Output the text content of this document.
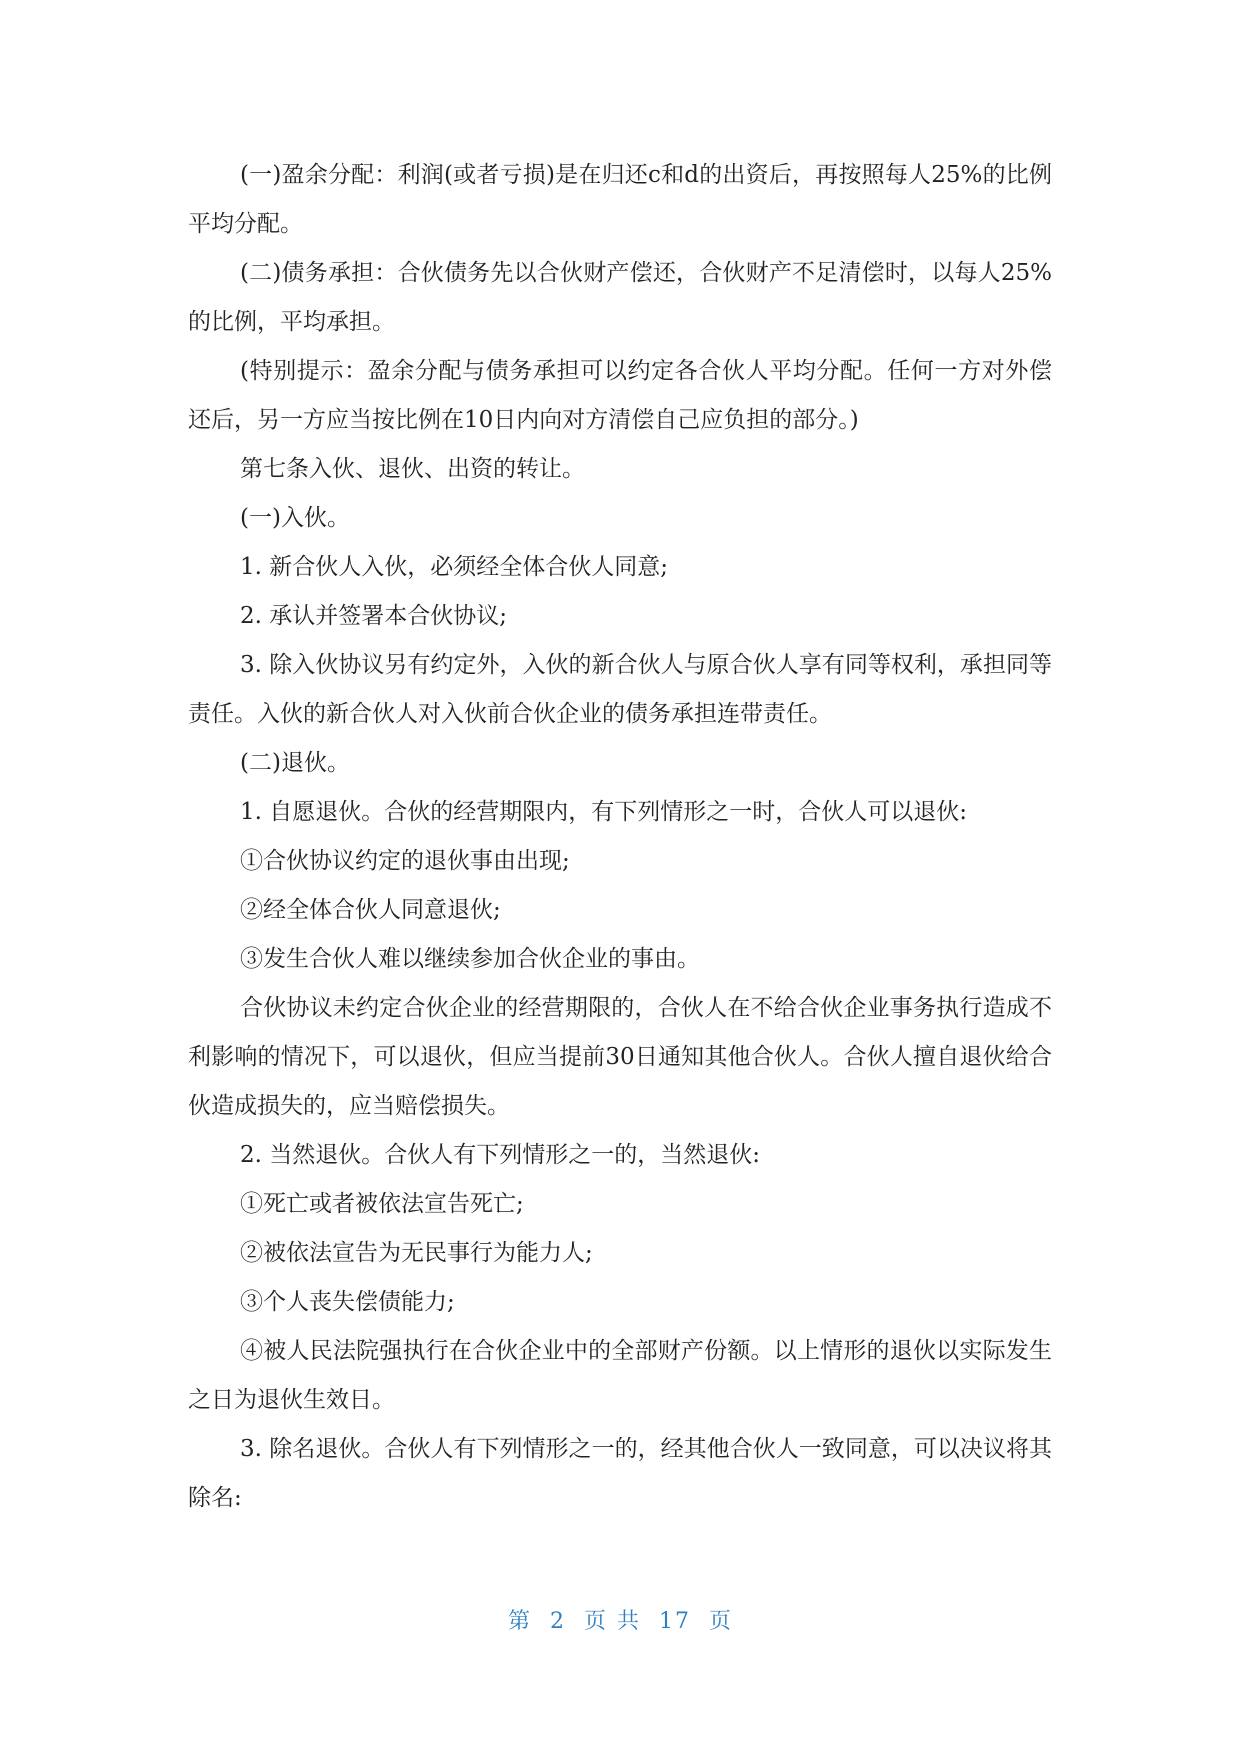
(一)盈余分配：利润(或者亏损)是在归还c和d的出资后，再按照每人25%的比例平均分配。

(二)债务承担：合伙债务先以合伙财产偿还，合伙财产不足清偿时，以每人25%的比例，平均承担。

(特别提示：盈余分配与债务承担可以约定各合伙人平均分配。任何一方对外偿还后，另一方应当按比例在10日内向对方清偿自己应负担的部分。)

第七条入伙、退伙、出资的转让。

(一)入伙。

1. 新合伙人入伙，必须经全体合伙人同意;

2. 承认并签署本合伙协议;

3. 除入伙协议另有约定外，入伙的新合伙人与原合伙人享有同等权利，承担同等责任。入伙的新合伙人对入伙前合伙企业的债务承担连带责任。

(二)退伙。

1. 自愿退伙。合伙的经营期限内，有下列情形之一时，合伙人可以退伙:

①合伙协议约定的退伙事由出现;

②经全体合伙人同意退伙;

③发生合伙人难以继续参加合伙企业的事由。

合伙协议未约定合伙企业的经营期限的，合伙人在不给合伙企业事务执行造成不利影响的情况下，可以退伙，但应当提前30日通知其他合伙人。合伙人擅自退伙给合伙造成损失的，应当赔偿损失。

2. 当然退伙。合伙人有下列情形之一的，当然退伙:

①死亡或者被依法宣告死亡;

②被依法宣告为无民事行为能力人;

③个人丧失偿债能力;

④被人民法院强执行在合伙企业中的全部财产份额。以上情形的退伙以实际发生之日为退伙生效日。

3. 除名退伙。合伙人有下列情形之一的，经其他合伙人一致同意，可以决议将其除名:

第  2  页 共  17  页
